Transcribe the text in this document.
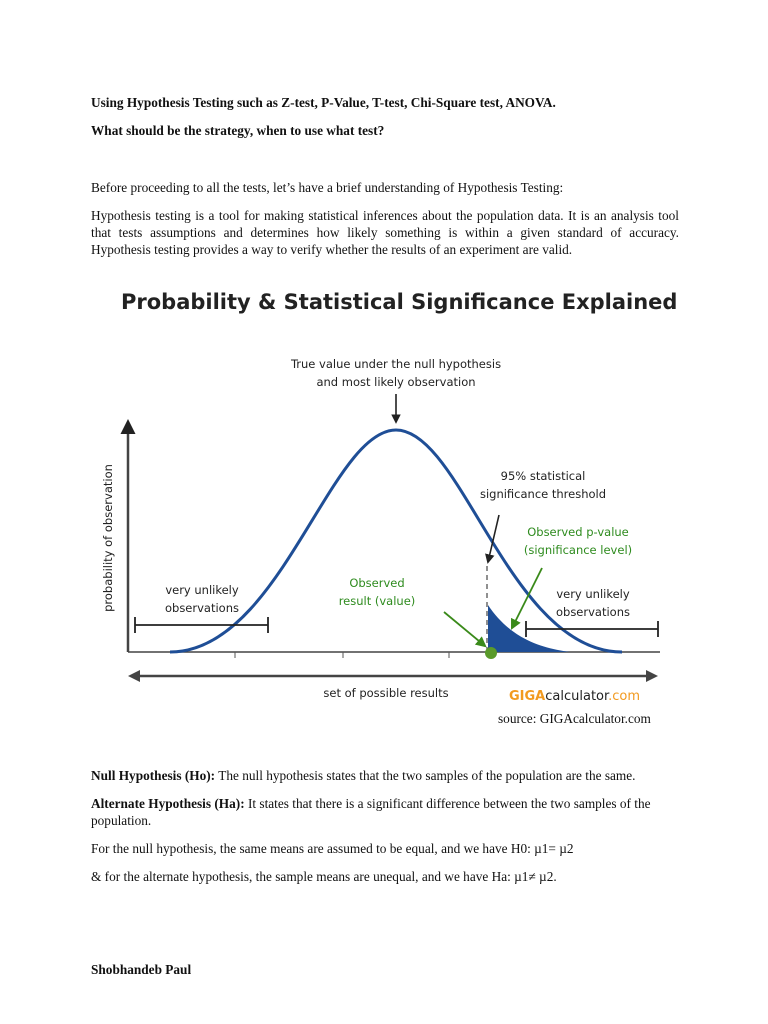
Using Hypothesis Testing such as Z-test, P-Value, T-test, Chi-Square test, ANOVA.

What should be the strategy, when to use what test?

Before proceeding to all the tests, let’s have a brief understanding of Hypothesis Testing:

Hypothesis testing is a tool for making statistical inferences about the population data. It is an analysis tool that tests assumptions and determines how likely something is within a given standard of accuracy. Hypothesis testing provides a way to verify whether the results of an experiment are valid.

Probability & Statistical Significance Explained
True value under the null hypothesis
and most likely observation
95% statistical
significance threshold
very unlikely
observations
very unlikely
observations
set of possible results
probability of observation	Observed
result (value)
Observed p-value
(significance level)
GIGAcalculator.com
source: GIGAcalculator.com

Null Hypothesis (Ho): The null hypothesis states that the two samples of the population are the same.

Alternate Hypothesis (Ha): It states that there is a significant difference between the two samples of the population.

For the null hypothesis, the same means are assumed to be equal, and we have H0: µ1= µ2

& for the alternate hypothesis, the sample means are unequal, and we have Ha: µ1≠ µ2.

Shobhandeb Paul
